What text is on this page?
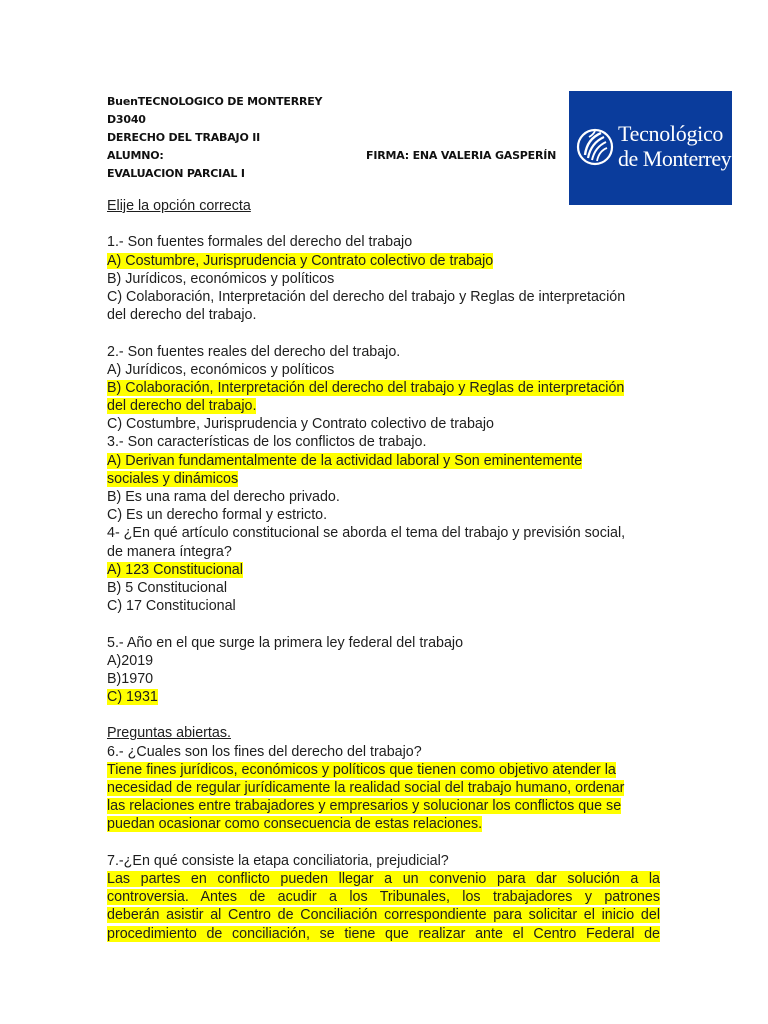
BuenTECNOLOGICO DE MONTERREY
D3040
DERECHO DEL TRABAJO II
ALUMNO:	FIRMA: ENA VALERIA GASPERÍN
EVALUACION PARCIAL I
Tecnológico
de Monterrey
Elije la opción correcta
1.- Son fuentes formales del derecho del trabajo
A) Costumbre, Jurisprudencia y Contrato colectivo de trabajo
B) Jurídicos, económicos y políticos
C) Colaboración, Interpretación del derecho del trabajo y Reglas de interpretación
del derecho del trabajo.
2.- Son fuentes reales del derecho del trabajo.
A) Jurídicos, económicos y políticos
B) Colaboración, Interpretación del derecho del trabajo y Reglas de interpretación
del derecho del trabajo.
C) Costumbre, Jurisprudencia y Contrato colectivo de trabajo
3.- Son características de los conflictos de trabajo.
A) Derivan fundamentalmente de la actividad laboral y Son eminentemente
sociales y dinámicos
B) Es una rama del derecho privado.
C) Es un derecho formal y estricto.
4- ¿En qué artículo constitucional se aborda el tema del trabajo y previsión social,
de manera íntegra?
A) 123 Constitucional
B) 5 Constitucional
C) 17 Constitucional
5.- Año en el que surge la primera ley federal del trabajo
A)2019
B)1970
C) 1931
Preguntas abiertas.
6.- ¿Cuales son los fines del derecho del trabajo?
Tiene fines jurídicos, económicos y políticos que tienen como objetivo atender la
necesidad de regular jurídicamente la realidad social del trabajo humano, ordenar
las relaciones entre trabajadores y empresarios y solucionar los conflictos que se
puedan ocasionar como consecuencia de estas relaciones.
7.-¿En qué consiste la etapa conciliatoria, prejudicial?
Las partes en conflicto pueden llegar a un convenio para dar solución a la
controversia. Antes de acudir a los Tribunales, los trabajadores y patrones
deberán asistir al Centro de Conciliación correspondiente para solicitar el inicio del
procedimiento de conciliación, se tiene que realizar ante el Centro Federal de
